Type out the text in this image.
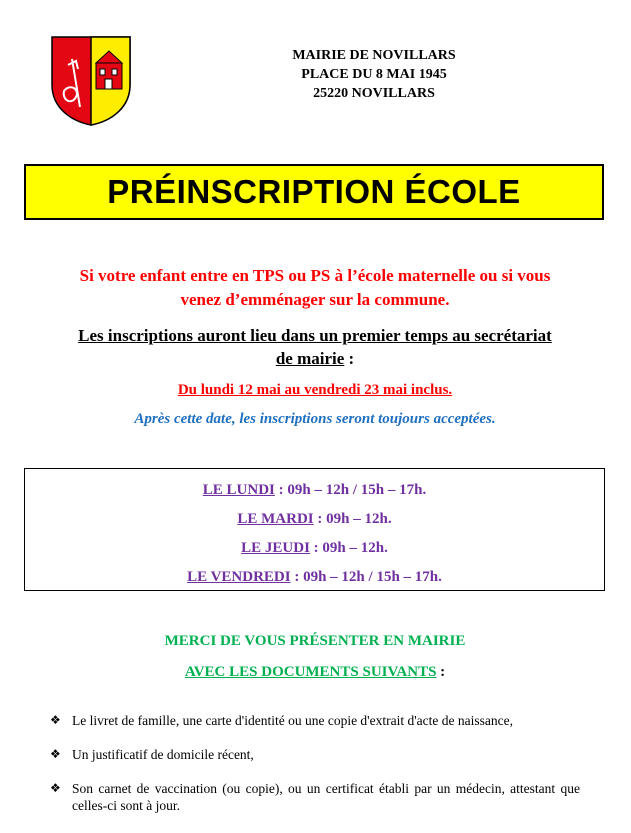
MAIRIE DE NOVILLARS
PLACE DU 8 MAI 1945
25220 NOVILLARS
PRÉINSCRIPTION ÉCOLE
Si votre enfant entre en TPS ou PS à l’école maternelle ou si vous
venez d’emménager sur la commune.
Les inscriptions auront lieu dans un premier temps au secrétariat
de mairie :
Du lundi 12 mai au vendredi 23 mai inclus.
Après cette date, les inscriptions seront toujours acceptées.
LE LUNDI : 09h – 12h / 15h – 17h.
LE MARDI : 09h – 12h.
LE JEUDI : 09h – 12h.
LE VENDREDI : 09h – 12h / 15h – 17h.
MERCI DE VOUS PRÉSENTER EN MAIRIE
AVEC LES DOCUMENTS SUIVANTS :
❖ Le livret de famille, une carte d'identité ou une copie d'extrait d'acte de naissance,
❖ Un justificatif de domicile récent,
❖ Son carnet de vaccination (ou copie), ou un certificat établi par un médecin, attestant que celles-ci sont à jour.
